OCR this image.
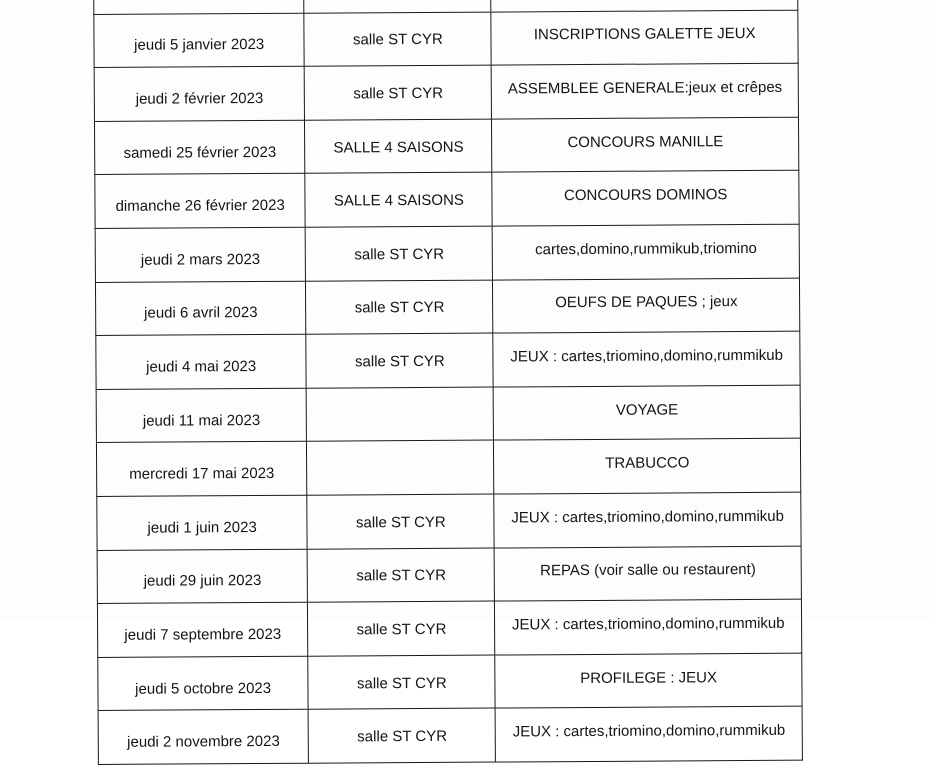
jeudi 5 janvier 2023	salle ST CYR	INSCRIPTIONS GALETTE JEUX
jeudi 2 février 2023	salle ST CYR	ASSEMBLEE GENERALE:jeux et crêpes
samedi 25 février 2023	SALLE 4 SAISONS	CONCOURS MANILLE
dimanche 26 février 2023	SALLE 4 SAISONS	CONCOURS DOMINOS
jeudi 2 mars 2023	salle ST CYR	cartes,domino,rummikub,triomino
jeudi 6 avril 2023	salle ST CYR	OEUFS DE PAQUES ; jeux
jeudi 4 mai 2023	salle ST CYR	JEUX : cartes,triomino,domino,rummikub
jeudi 11 mai 2023		VOYAGE
mercredi 17 mai 2023		TRABUCCO
jeudi 1 juin 2023	salle ST CYR	JEUX : cartes,triomino,domino,rummikub
jeudi 29 juin 2023	salle ST CYR	REPAS (voir salle ou restaurent)
jeudi 7 septembre 2023	salle ST CYR	JEUX : cartes,triomino,domino,rummikub
jeudi 5 octobre 2023	salle ST CYR	PROFILEGE : JEUX
jeudi 2 novembre 2023	salle ST CYR	JEUX : cartes,triomino,domino,rummikub
